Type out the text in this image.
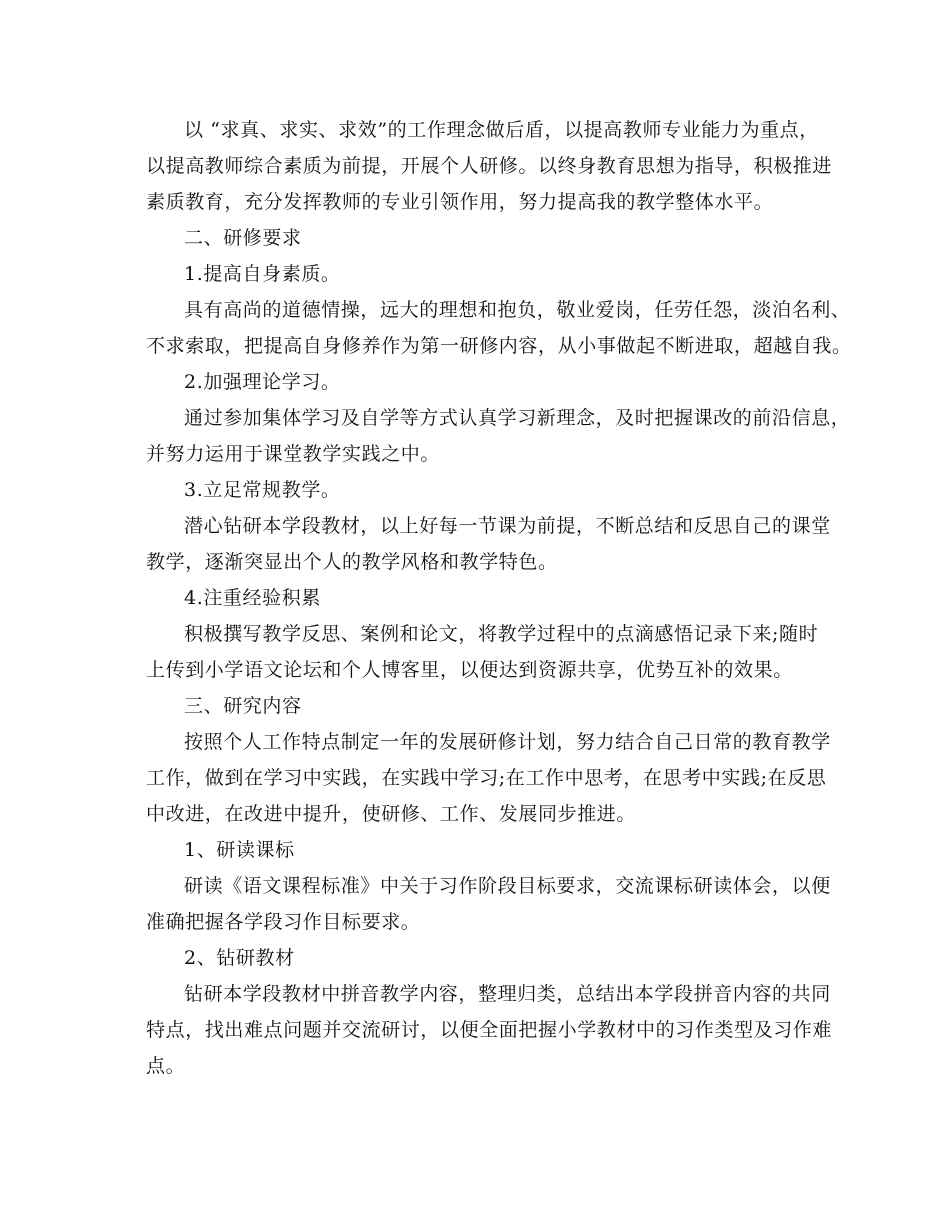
以 “求真、求实、求效”的工作理念做后盾，以提高教师专业能力为重点，
以提高教师综合素质为前提，开展个人研修。以终身教育思想为指导，积极推进
素质教育，充分发挥教师的专业引领作用，努力提高我的教学整体水平。
二、研修要求
1.提高自身素质。
具有高尚的道德情操，远大的理想和抱负，敬业爱岗，任劳任怨，淡泊名利、
不求索取，把提高自身修养作为第一研修内容，从小事做起不断进取，超越自我。
2.加强理论学习。
通过参加集体学习及自学等方式认真学习新理念，及时把握课改的前沿信息，
并努力运用于课堂教学实践之中。
3.立足常规教学。
潜心钻研本学段教材，以上好每一节课为前提，不断总结和反思自己的课堂
教学，逐渐突显出个人的教学风格和教学特色。
4.注重经验积累
积极撰写教学反思、案例和论文，将教学过程中的点滴感悟记录下来;随时
上传到小学语文论坛和个人博客里，以便达到资源共享，优势互补的效果。
三、研究内容
按照个人工作特点制定一年的发展研修计划，努力结合自己日常的教育教学
工作，做到在学习中实践，在实践中学习;在工作中思考，在思考中实践;在反思
中改进，在改进中提升，使研修、工作、发展同步推进。
1、研读课标
研读《语文课程标准》中关于习作阶段目标要求，交流课标研读体会，以便
准确把握各学段习作目标要求。
2、钻研教材
钻研本学段教材中拼音教学内容，整理归类，总结出本学段拼音内容的共同
特点，找出难点问题并交流研讨，以便全面把握小学教材中的习作类型及习作难
点。
